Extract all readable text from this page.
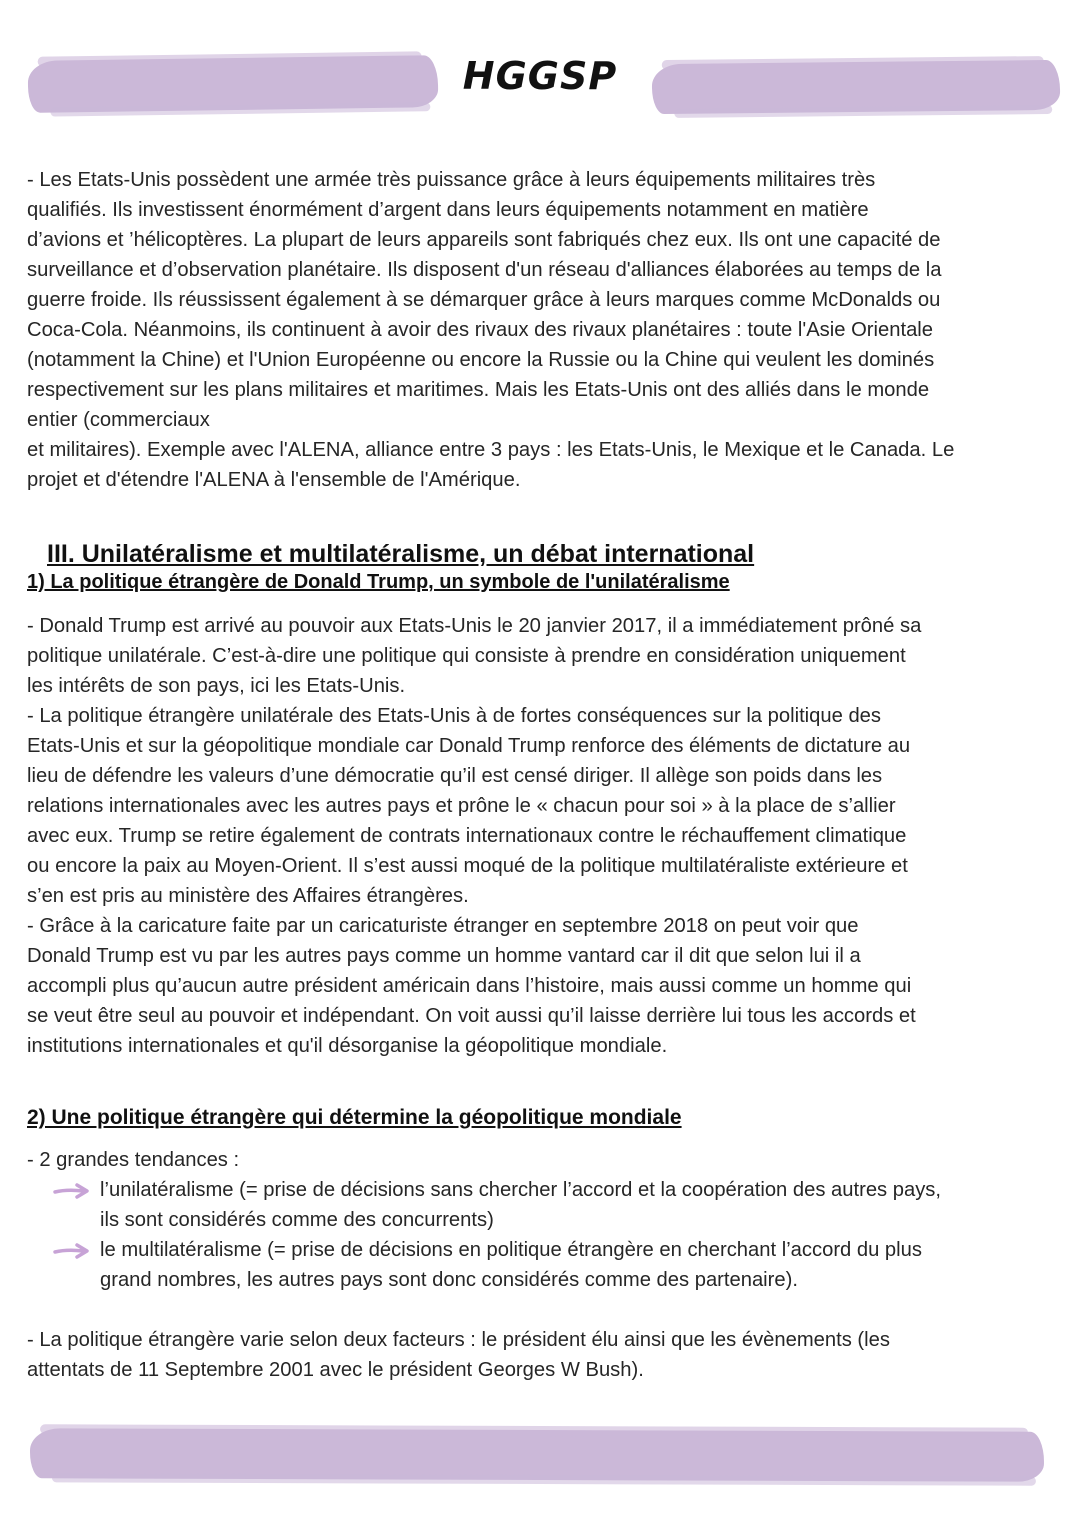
HGGSP

- Les Etats-Unis possèdent une armée très puissance grâce à leurs équipements militaires très
qualifiés. Ils investissent énormément d’argent dans leurs équipements notamment en matière
d’avions et ’hélicoptères. La plupart de leurs appareils sont fabriqués chez eux. Ils ont une capacité de
surveillance et d’observation planétaire. Ils disposent d'un réseau d'alliances élaborées au temps de la
guerre froide. Ils réussissent également à se démarquer grâce à leurs marques comme McDonalds ou
Coca-Cola. Néanmoins, ils continuent à avoir des rivaux des rivaux planétaires : toute l'Asie Orientale
(notamment la Chine) et l'Union Européenne ou encore la Russie ou la Chine qui veulent les dominés
respectivement sur les plans militaires et maritimes. Mais les Etats-Unis ont des alliés dans le monde
entier (commerciaux
et militaires). Exemple avec l'ALENA, alliance entre 3 pays : les Etats-Unis, le Mexique et le Canada. Le
projet et d'étendre l'ALENA à l'ensemble de l'Amérique.

III. Unilatéralisme et multilatéralisme, un débat international
1) La politique étrangère de Donald Trump, un symbole de l'unilatéralisme

- Donald Trump est arrivé au pouvoir aux Etats-Unis le 20 janvier 2017, il a immédiatement prôné sa
politique unilatérale. C’est-à-dire une politique qui consiste à prendre en considération uniquement
les intérêts de son pays, ici les Etats-Unis.
- La politique étrangère unilatérale des Etats-Unis à de fortes conséquences sur la politique des
Etats-Unis et sur la géopolitique mondiale car Donald Trump renforce des éléments de dictature au
lieu de défendre les valeurs d’une démocratie qu’il est censé diriger. Il allège son poids dans les
relations internationales avec les autres pays et prône le « chacun pour soi » à la place de s’allier
avec eux. Trump se retire également de contrats internationaux contre le réchauffement climatique
ou encore la paix au Moyen-Orient. Il s’est aussi moqué de la politique multilatéraliste extérieure et
s’en est pris au ministère des Affaires étrangères.
- Grâce à la caricature faite par un caricaturiste étranger en septembre 2018 on peut voir que
Donald Trump est vu par les autres pays comme un homme vantard car il dit que selon lui il a
accompli plus qu’aucun autre président américain dans l’histoire, mais aussi comme un homme qui
se veut être seul au pouvoir et indépendant. On voit aussi qu’il laisse derrière lui tous les accords et
institutions internationales et qu'il désorganise la géopolitique mondiale.

2) Une politique étrangère qui détermine la géopolitique mondiale

- 2 grandes tendances :

l’unilatéralisme (= prise de décisions sans chercher l’accord et la coopération des autres pays,
ils sont considérés comme des concurrents)

le multilatéralisme (= prise de décisions en politique étrangère en cherchant l’accord du plus
grand nombres, les autres pays sont donc considérés comme des partenaire).

- La politique étrangère varie selon deux facteurs : le président élu ainsi que les évènements (les
attentats de 11 Septembre 2001 avec le président Georges W Bush).
